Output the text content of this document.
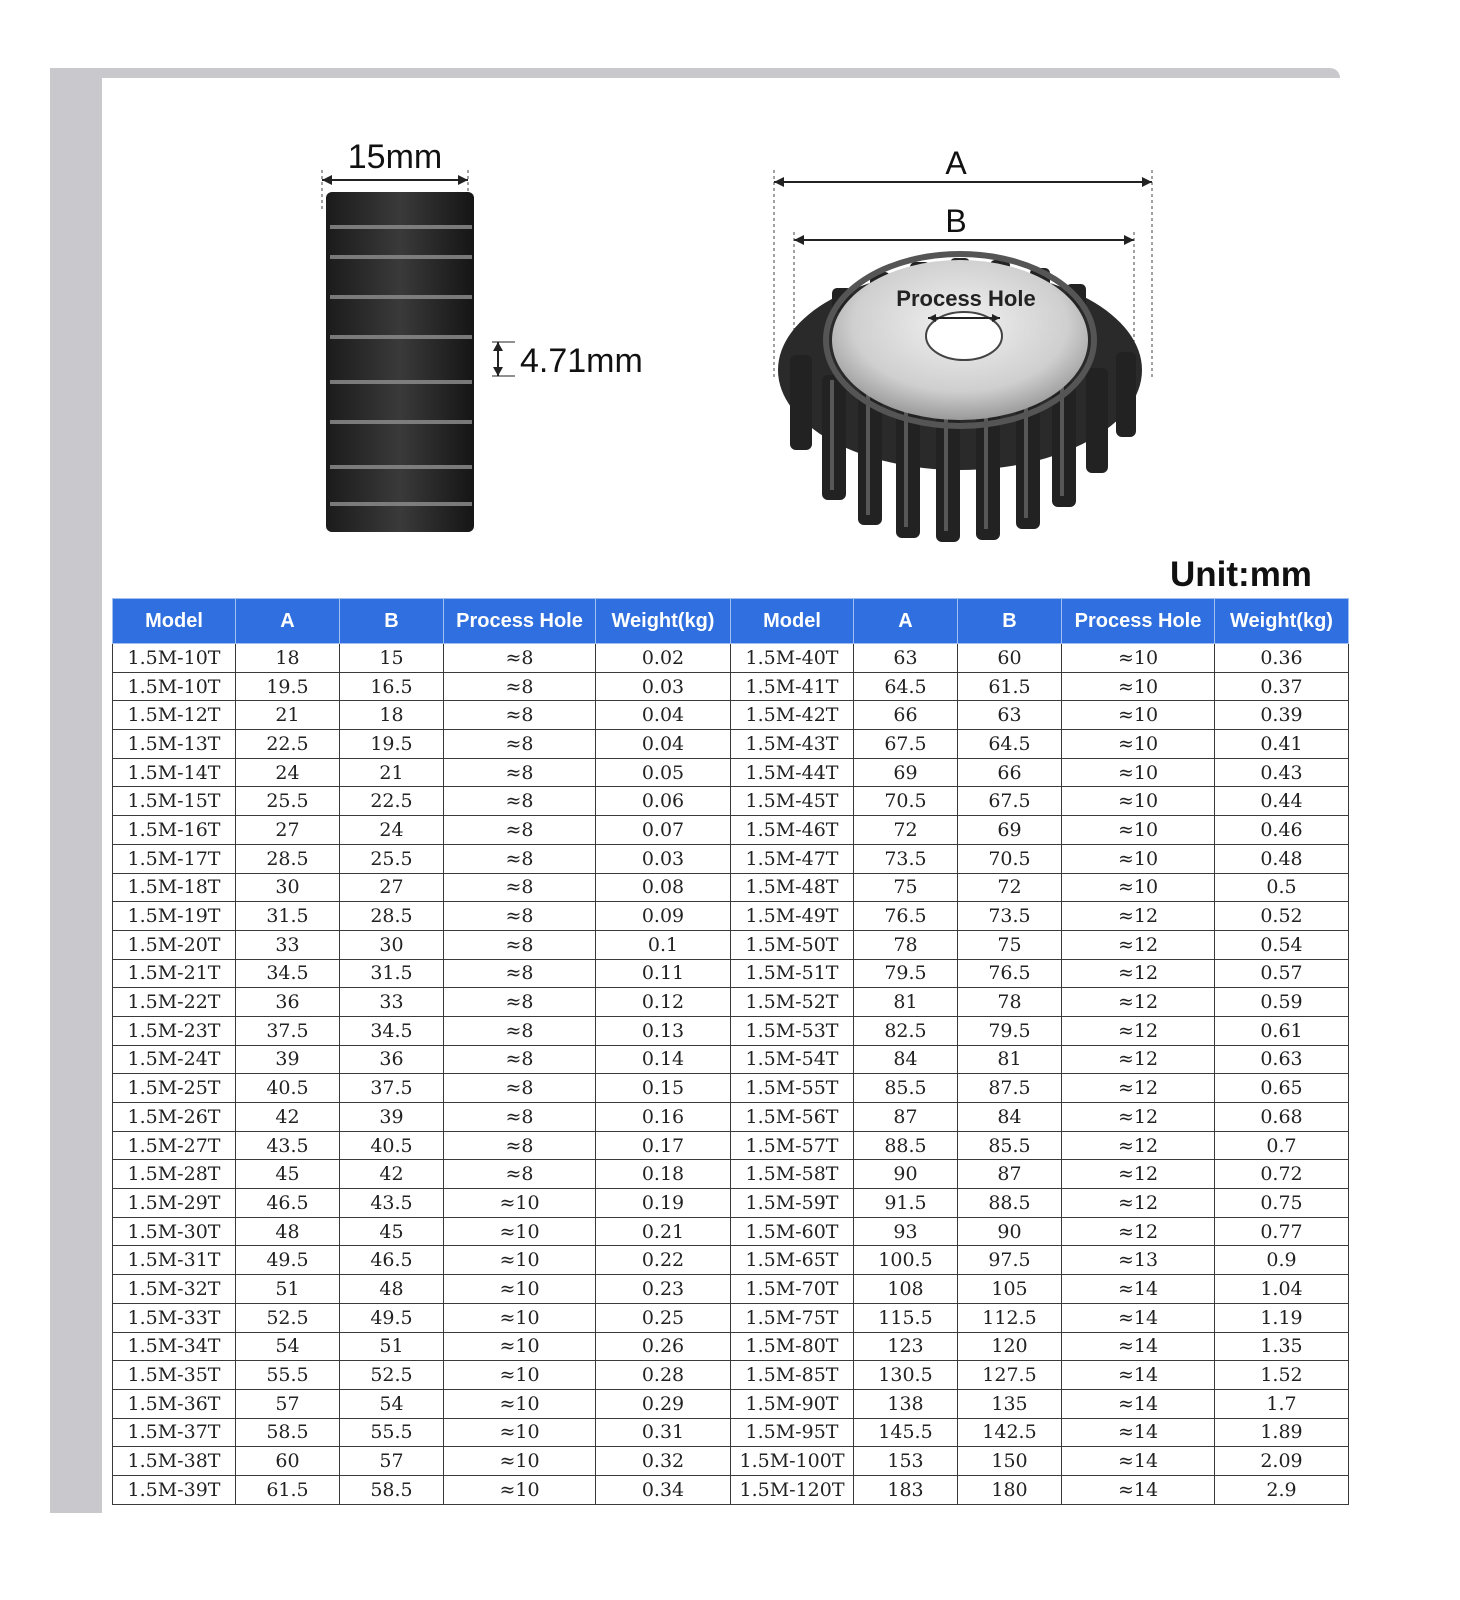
15mm
4.71mm
A
B
Process Hole
Unit:mm
Model	A	B	Process Hole	Weight(kg)	Model	A	B	Process Hole	Weight(kg)
1.5M-10T	18	15	≈8	0.02	1.5M-40T	63	60	≈10	0.36
1.5M-10T	19.5	16.5	≈8	0.03	1.5M-41T	64.5	61.5	≈10	0.37
1.5M-12T	21	18	≈8	0.04	1.5M-42T	66	63	≈10	0.39
1.5M-13T	22.5	19.5	≈8	0.04	1.5M-43T	67.5	64.5	≈10	0.41
1.5M-14T	24	21	≈8	0.05	1.5M-44T	69	66	≈10	0.43
1.5M-15T	25.5	22.5	≈8	0.06	1.5M-45T	70.5	67.5	≈10	0.44
1.5M-16T	27	24	≈8	0.07	1.5M-46T	72	69	≈10	0.46
1.5M-17T	28.5	25.5	≈8	0.03	1.5M-47T	73.5	70.5	≈10	0.48
1.5M-18T	30	27	≈8	0.08	1.5M-48T	75	72	≈10	0.5
1.5M-19T	31.5	28.5	≈8	0.09	1.5M-49T	76.5	73.5	≈12	0.52
1.5M-20T	33	30	≈8	0.1	1.5M-50T	78	75	≈12	0.54
1.5M-21T	34.5	31.5	≈8	0.11	1.5M-51T	79.5	76.5	≈12	0.57
1.5M-22T	36	33	≈8	0.12	1.5M-52T	81	78	≈12	0.59
1.5M-23T	37.5	34.5	≈8	0.13	1.5M-53T	82.5	79.5	≈12	0.61
1.5M-24T	39	36	≈8	0.14	1.5M-54T	84	81	≈12	0.63
1.5M-25T	40.5	37.5	≈8	0.15	1.5M-55T	85.5	87.5	≈12	0.65
1.5M-26T	42	39	≈8	0.16	1.5M-56T	87	84	≈12	0.68
1.5M-27T	43.5	40.5	≈8	0.17	1.5M-57T	88.5	85.5	≈12	0.7
1.5M-28T	45	42	≈8	0.18	1.5M-58T	90	87	≈12	0.72
1.5M-29T	46.5	43.5	≈10	0.19	1.5M-59T	91.5	88.5	≈12	0.75
1.5M-30T	48	45	≈10	0.21	1.5M-60T	93	90	≈12	0.77
1.5M-31T	49.5	46.5	≈10	0.22	1.5M-65T	100.5	97.5	≈13	0.9
1.5M-32T	51	48	≈10	0.23	1.5M-70T	108	105	≈14	1.04
1.5M-33T	52.5	49.5	≈10	0.25	1.5M-75T	115.5	112.5	≈14	1.19
1.5M-34T	54	51	≈10	0.26	1.5M-80T	123	120	≈14	1.35
1.5M-35T	55.5	52.5	≈10	0.28	1.5M-85T	130.5	127.5	≈14	1.52
1.5M-36T	57	54	≈10	0.29	1.5M-90T	138	135	≈14	1.7
1.5M-37T	58.5	55.5	≈10	0.31	1.5M-95T	145.5	142.5	≈14	1.89
1.5M-38T	60	57	≈10	0.32	1.5M-100T	153	150	≈14	2.09
1.5M-39T	61.5	58.5	≈10	0.34	1.5M-120T	183	180	≈14	2.9
